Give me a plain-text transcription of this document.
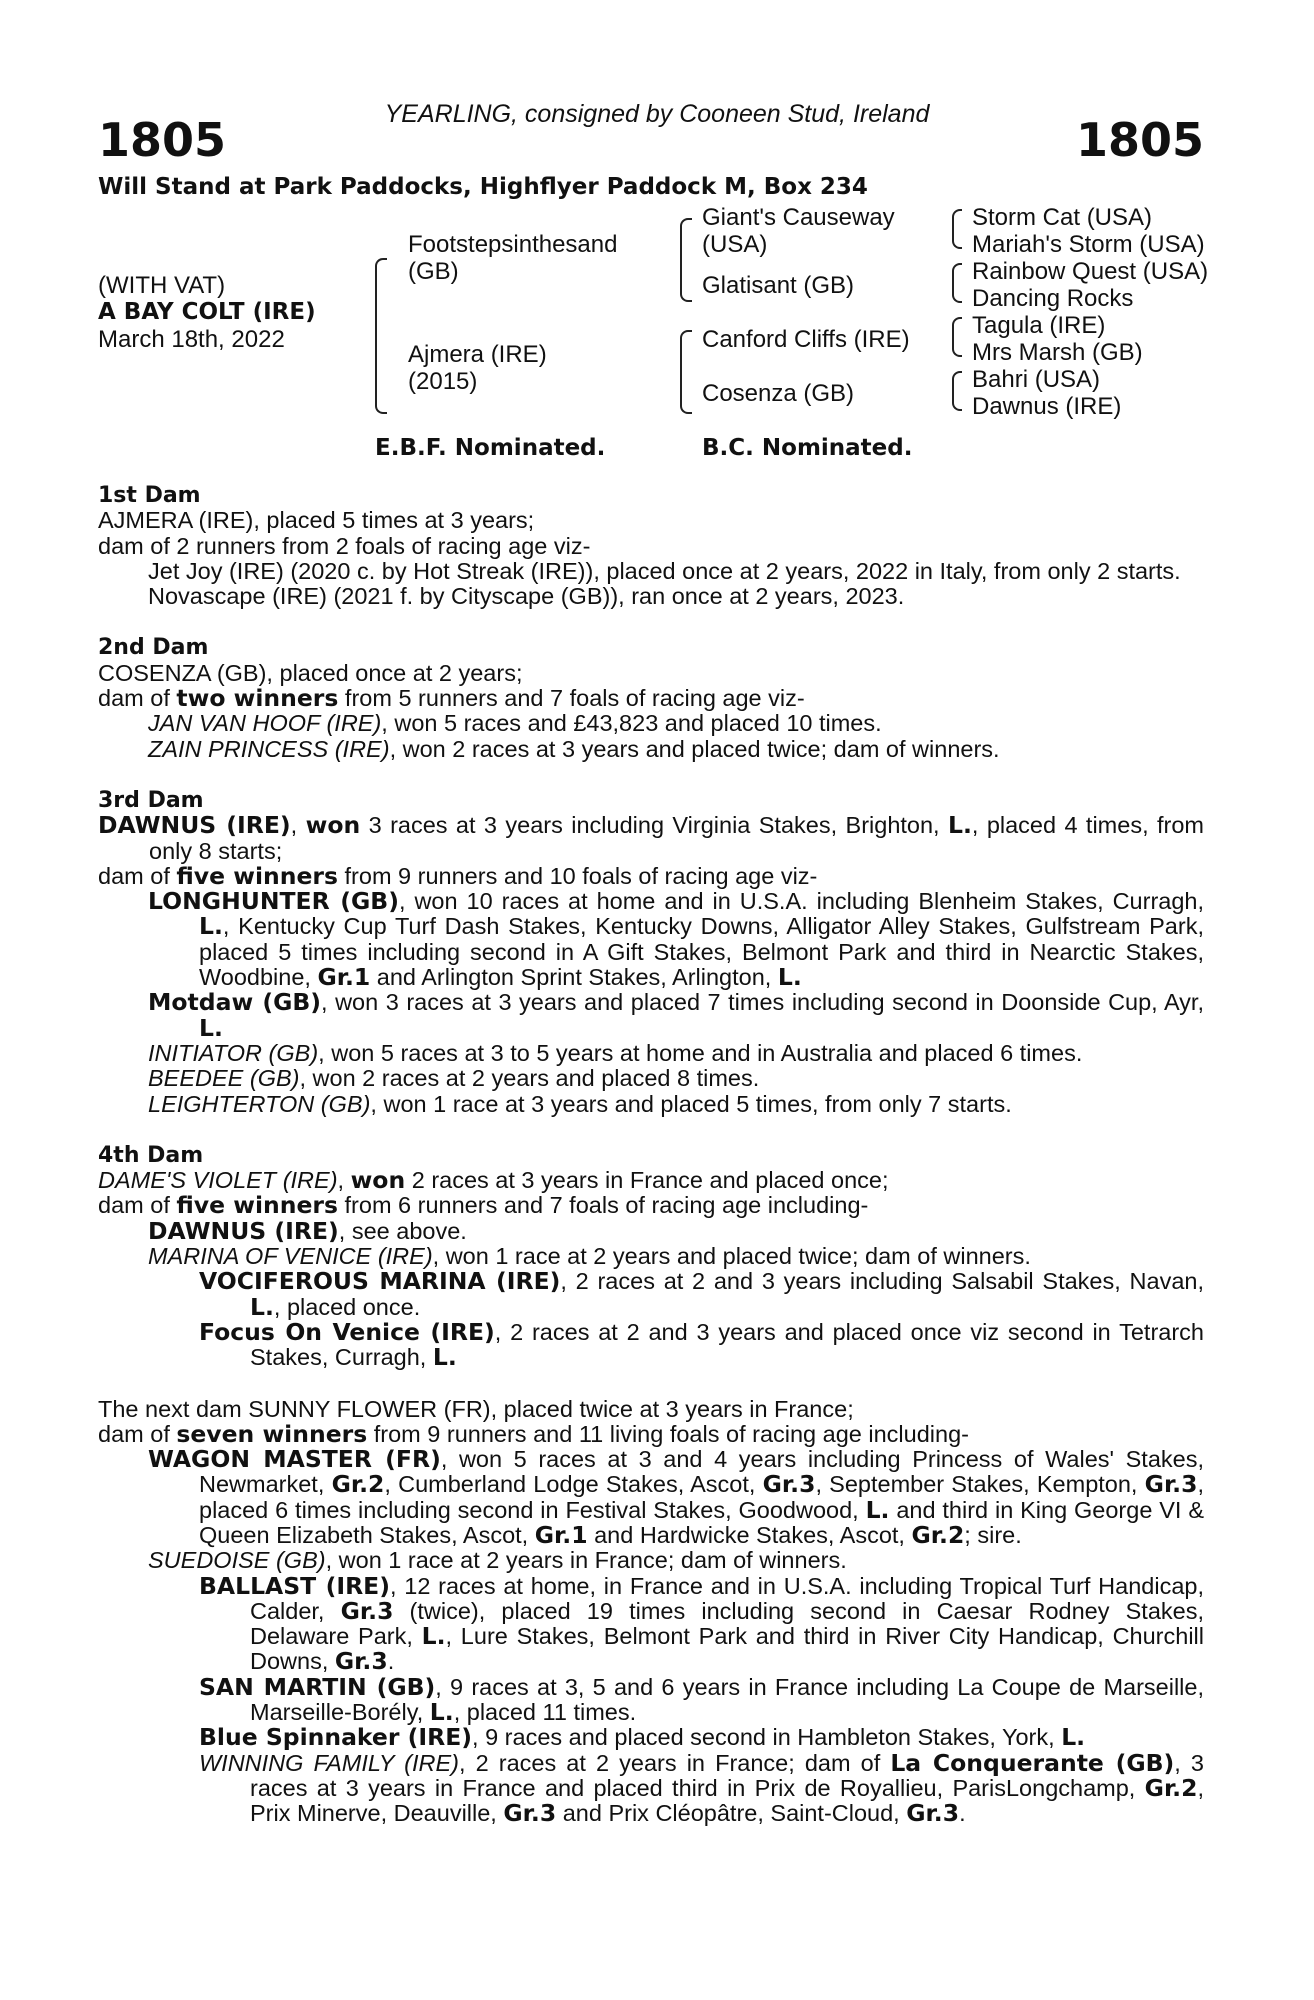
YEARLING, consigned by Cooneen Stud, Ireland
1805	1805
Will Stand at Park Paddocks, Highflyer Paddock M, Box 234
(WITH VAT)
A BAY COLT (IRE)
March 18th, 2022
Footstepsinthesand
(GB)
Ajmera (IRE)
(2015)
Giant's Causeway
(USA)
Glatisant (GB)
Canford Cliffs (IRE)
Cosenza (GB)
Storm Cat (USA)
Mariah's Storm (USA)
Rainbow Quest (USA)
Dancing Rocks
Tagula (IRE)
Mrs Marsh (GB)
Bahri (USA)
Dawnus (IRE)
E.B.F. Nominated.	B.C. Nominated.
1st Dam
AJMERA (IRE), placed 5 times at 3 years;
dam of 2 runners from 2 foals of racing age viz-
Jet Joy (IRE) (2020 c. by Hot Streak (IRE)), placed once at 2 years, 2022 in Italy, from only 2 starts.
Novascape (IRE) (2021 f. by Cityscape (GB)), ran once at 2 years, 2023.
2nd Dam
COSENZA (GB), placed once at 2 years;
dam of two winners from 5 runners and 7 foals of racing age viz-
JAN VAN HOOF (IRE), won 5 races and £43,823 and placed 10 times.
ZAIN PRINCESS (IRE), won 2 races at 3 years and placed twice; dam of winners.
3rd Dam
DAWNUS (IRE), won 3 races at 3 years including Virginia Stakes, Brighton, L., placed 4 times, from only 8 starts;
dam of five winners from 9 runners and 10 foals of racing age viz-
LONGHUNTER (GB), won 10 races at home and in U.S.A. including Blenheim Stakes, Curragh, L., Kentucky Cup Turf Dash Stakes, Kentucky Downs, Alligator Alley Stakes, Gulfstream Park, placed 5 times including second in A Gift Stakes, Belmont Park and third in Nearctic Stakes, Woodbine, Gr.1 and Arlington Sprint Stakes, Arlington, L.
Motdaw (GB), won 3 races at 3 years and placed 7 times including second in Doonside Cup, Ayr, L.
INITIATOR (GB), won 5 races at 3 to 5 years at home and in Australia and placed 6 times.
BEEDEE (GB), won 2 races at 2 years and placed 8 times.
LEIGHTERTON (GB), won 1 race at 3 years and placed 5 times, from only 7 starts.
4th Dam
DAME'S VIOLET (IRE), won 2 races at 3 years in France and placed once;
dam of five winners from 6 runners and 7 foals of racing age including-
DAWNUS (IRE), see above.
MARINA OF VENICE (IRE), won 1 race at 2 years and placed twice; dam of winners.
VOCIFEROUS MARINA (IRE), 2 races at 2 and 3 years including Salsabil Stakes, Navan, L., placed once.
Focus On Venice (IRE), 2 races at 2 and 3 years and placed once viz second in Tetrarch Stakes, Curragh, L.
The next dam SUNNY FLOWER (FR), placed twice at 3 years in France;
dam of seven winners from 9 runners and 11 living foals of racing age including-
WAGON MASTER (FR), won 5 races at 3 and 4 years including Princess of Wales' Stakes, Newmarket, Gr.2, Cumberland Lodge Stakes, Ascot, Gr.3, September Stakes, Kempton, Gr.3, placed 6 times including second in Festival Stakes, Goodwood, L. and third in King George VI & Queen Elizabeth Stakes, Ascot, Gr.1 and Hardwicke Stakes, Ascot, Gr.2; sire.
SUEDOISE (GB), won 1 race at 2 years in France; dam of winners.
BALLAST (IRE), 12 races at home, in France and in U.S.A. including Tropical Turf Handicap, Calder, Gr.3 (twice), placed 19 times including second in Caesar Rodney Stakes, Delaware Park, L., Lure Stakes, Belmont Park and third in River City Handicap, Churchill Downs, Gr.3.
SAN MARTIN (GB), 9 races at 3, 5 and 6 years in France including La Coupe de Marseille, Marseille-Borély, L., placed 11 times.
Blue Spinnaker (IRE), 9 races and placed second in Hambleton Stakes, York, L.
WINNING FAMILY (IRE), 2 races at 2 years in France; dam of La Conquerante (GB), 3 races at 3 years in France and placed third in Prix de Royallieu, ParisLongchamp, Gr.2, Prix Minerve, Deauville, Gr.3 and Prix Cléopâtre, Saint-Cloud, Gr.3.
